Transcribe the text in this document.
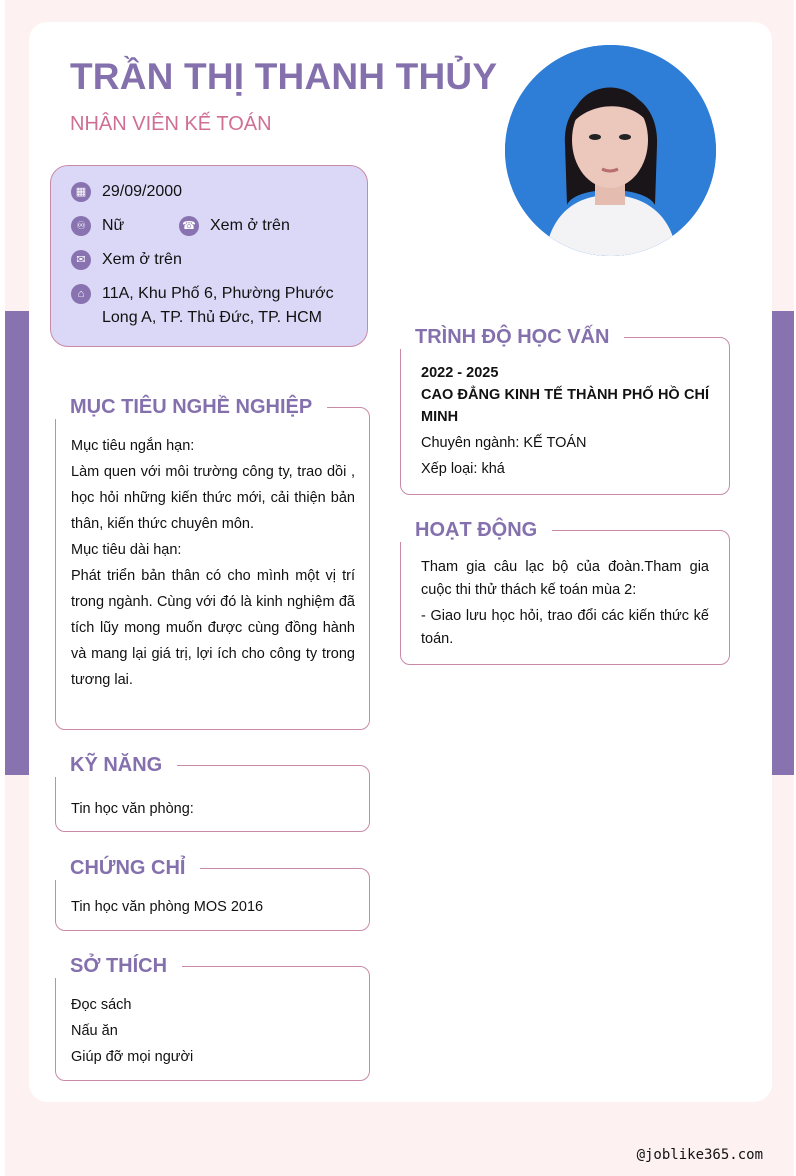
TRẦN THỊ THANH THỦY
NHÂN VIÊN KẾ TOÁN
▦ 29/09/2000
♾	Nữ	☎ Xem ở trên
✉	Xem ở trên
⌂	11A, Khu Phố 6, Phường Phước
Long A, TP. Thủ Đức, TP. HCM
MỤC TIÊU NGHỀ NGHIỆP

Mục tiêu ngắn hạn:

Làm quen với môi trường công ty, trao dồi , học hỏi những kiến thức mới, cải thiện bản thân, kiến thức chuyên môn.

Mục tiêu dài hạn:

Phát triển bản thân có cho mình một vị trí trong ngành. Cùng với đó là kinh nghiệm đã tích lũy mong muốn được cùng đồng hành và mang lại giá trị, lợi ích cho công ty trong tương lai.

KỸ NĂNG
Tin học văn phòng:
CHỨNG CHỈ
Tin học văn phòng MOS 2016
SỞ THÍCH

Đọc sách

Nấu ăn

Giúp đỡ mọi người

TRÌNH ĐỘ HỌC VẤN

2022 - 2025

CAO ĐẲNG KINH TẾ THÀNH PHỐ HỒ CHÍ MINH

Chuyên ngành: KẾ TOÁN

Xếp loại: khá

HOẠT ĐỘNG

Tham gia câu lạc bộ của đoàn.Tham gia cuộc thi thử thách kế toán mùa 2:

- Giao lưu học hỏi, trao đổi các kiến thức kế toán.

@joblike365.com
